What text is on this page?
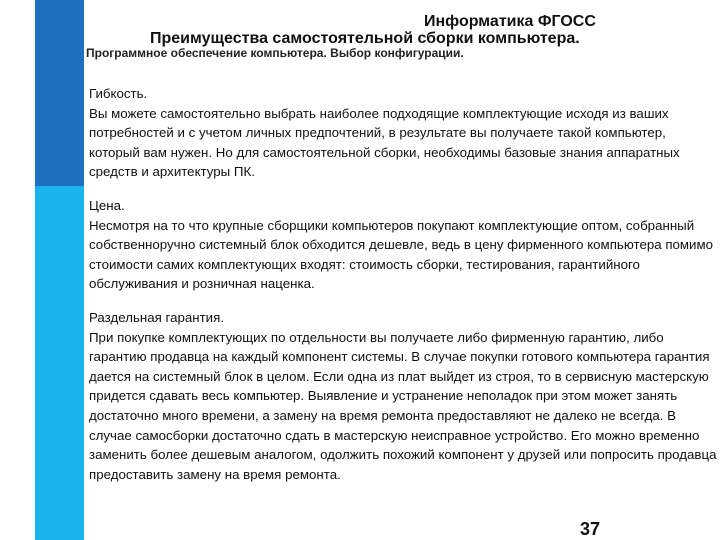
Информатика ФГОСС
Преимущества самостоятельной сборки компьютера.
Программное обеспечение компьютера. Выбор конфигурации.

Гибкость.
Вы можете самостоятельно выбрать наиболее подходящие комплектующие исходя из ваших потребностей и с учетом личных предпочтений, в результате вы получаете такой компьютер, который вам нужен. Но для самостоятельной сборки, необходимы базовые знания аппаратных средств и архитектуры ПК.

Цена.
Несмотря на то что крупные сборщики компьютеров покупают комплектующие оптом, собранный собственноручно системный блок обходится дешевле, ведь в цену фирменного компьютера помимо стоимости самих комплектующих входят: стоимость сборки, тестирования, гарантийного обслуживания и розничная наценка.

Раздельная гарантия.
При покупке комплектующих по отдельности вы получаете либо фирменную гарантию, либо гарантию продавца на каждый компонент системы. В случае покупки готового компьютера гарантия дается на системный блок в целом. Если одна из плат выйдет из строя, то в сервисную мастерскую придется сдавать весь компьютер. Выявление и устранение неполадок при этом может занять достаточно много времени, а замену на время ремонта предоставляют не далеко не всегда. В случае самосборки достаточно сдать в мастерскую неисправное устройство. Его можно временно заменить более дешевым аналогом, одолжить похожий компонент у друзей или попросить продавца предоставить замену на время ремонта.

37
